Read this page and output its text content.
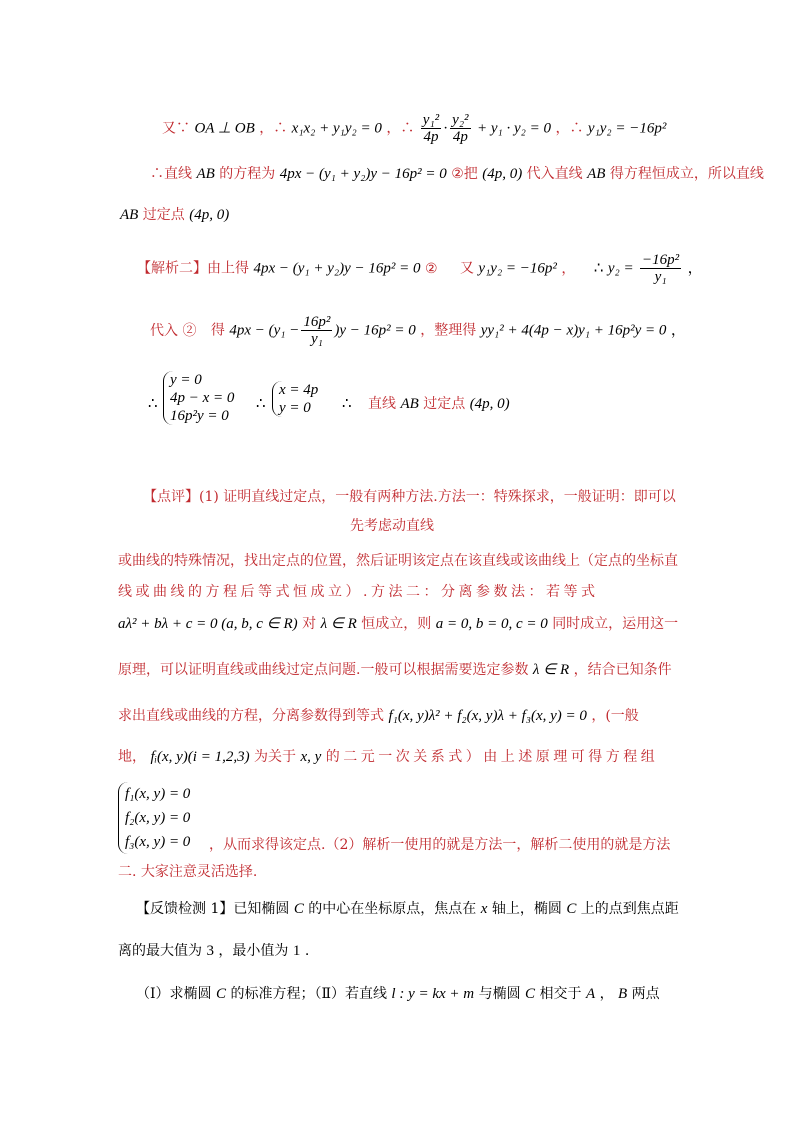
又∵ OA ⊥ OB ，∴ x₁x₂ + y₁y₂ = 0 ，∴ $\frac{\text{y₁²}}{4p} \cdot \frac{\text{y₂²}}{4p} + y_1 \cdot y_2 = 0$ ，∴ y₁y₂ = −16p²
∴直线 AB 的方程为 4px − (y₁ + y₂)y − 16p² = 0 ②把 (4p, 0) 代入直线 AB 得方程恒成立，所以直线
AB 过定点 (4p, 0)
【解析二】由上得 4px − (y₁ + y₂)y − 16p² = 0 ② 又 y₁y₂ = −16p² ， ∴ $y_2 = \frac{\text{−16p²}}{\text{y₁}}$ ，
代入 ② 得 $4px - (y_1 - \frac{\text{16p²}}{\text{y₁}} )y - 16p^2 = 0$ ，整理得 yy₁² + 4(4p − x)y₁ + 16p²y = 0 ，
∴
y = 0
4p − x = 0
16p²y = 0
∴
x = 4p
y = 0	∴ 直线 AB 过定点 (4p, 0)
【点评】(1) 证明直线过定点，一般有两种方法.方法一：特殊探求，一般证明：即可以
先考虑动直线
或曲线的特殊情况，找出定点的位置，然后证明该定点在该直线或该曲线上（定点的坐标直
线或曲线的方程后等式恒成立）.方法二：分离参数法：若等式
aλ² + bλ + c = 0 (a, b, c ∈ R) 对 λ ∈ R 恒成立，则 a = 0, b = 0, c = 0 同时成立，运用这一
原理，可以证明直线或曲线过定点问题.一般可以根据需要选定参数 λ ∈ R ，结合已知条件
求出直线或曲线的方程，分离参数得到等式 f₁(x, y)λ² + f₂(x, y)λ + f₃(x, y) = 0 ，(一般
地， fᵢ(x, y)(i = 1,2,3) 为关于 x, y 的二元一次关系式）由上述原理可得方程组
f₁(x, y) = 0
f₂(x, y) = 0
f₃(x, y) = 0 ，从而求得该定点.（2）解析一使用的就是方法一，解析二使用的就是方法
二. 大家注意灵活选择.
【反馈检测 1】已知椭圆 C 的中心在坐标原点，焦点在 x 轴上，椭圆 C 上的点到焦点距
离的最大值为 3 ，最小值为 1 .
（Ⅰ）求椭圆 C 的标准方程；（Ⅱ）若直线 l : y = kx + m 与椭圆 C 相交于 A ， B 两点
